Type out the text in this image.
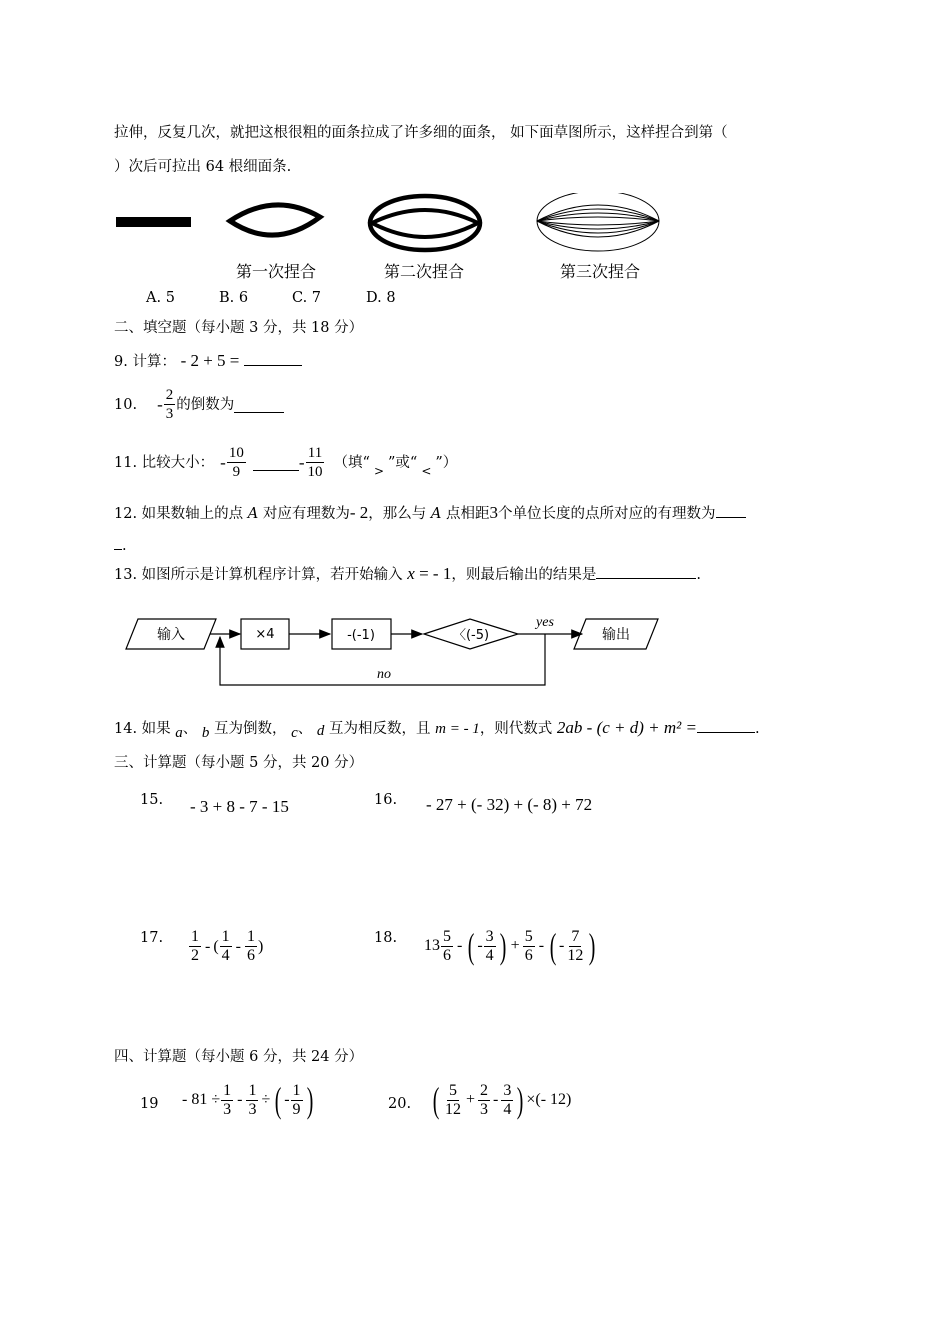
拉伸，反复几次，就把这根很粗的面条拉成了许多细的面条， 如下面草图所示，这样捏合到第（
）次后可拉出 64 根细面条.
第一次捏合	第二次捏合	第三次捏合
A. 5	B. 6	C. 7	D. 8
二、填空题（每小题 3 分，共 18 分）
9. 计算： - 2 + 5 =
10. - $\frac{2}{3}$ 的倒数为
11. 比较大小： - $\frac{10}{9}$	- $\frac{11}{10}$ （填“ > ”或“ < ”）
12. 如果数轴上的点 A 对应有理数为- 2，那么与 A 点相距3个单位长度的点所对应的有理数为
.
13. 如图所示是计算机程序计算，若开始输入 x = - 1，则最后输出的结果是	.
输入	×4	-(-1)	〈(-5)
yes
输出
no
14. 如果 a、 b 互为倒数， c、 d 互为相反数，且 m = - 1，则代数式 2ab - (c + d) + m² =	.
三、计算题（每小题 5 分，共 20 分）
15. - 3 + 8 - 7 - 15	16. - 27 + (- 32) + (- 8) + 72
17. $\frac{1}{2}$ - ( $\frac{1}{4} - \frac{1}{6}$ )	18. $13 \frac{5}{6}$ - ( - $\frac{3}{4}$ ) + $\frac{5}{6}$ - ( - $\frac{7}{12}$ )
四、计算题（每小题 6 分，共 24 分）
$19 - 81 \div \frac{1}{3} - \frac{1}{3}$ ÷ ( - $\frac{1}{9}$ )	20. ( $\frac{5}{12} + \frac{2}{3} - \frac{3}{4}$ ) ×(- 12)
